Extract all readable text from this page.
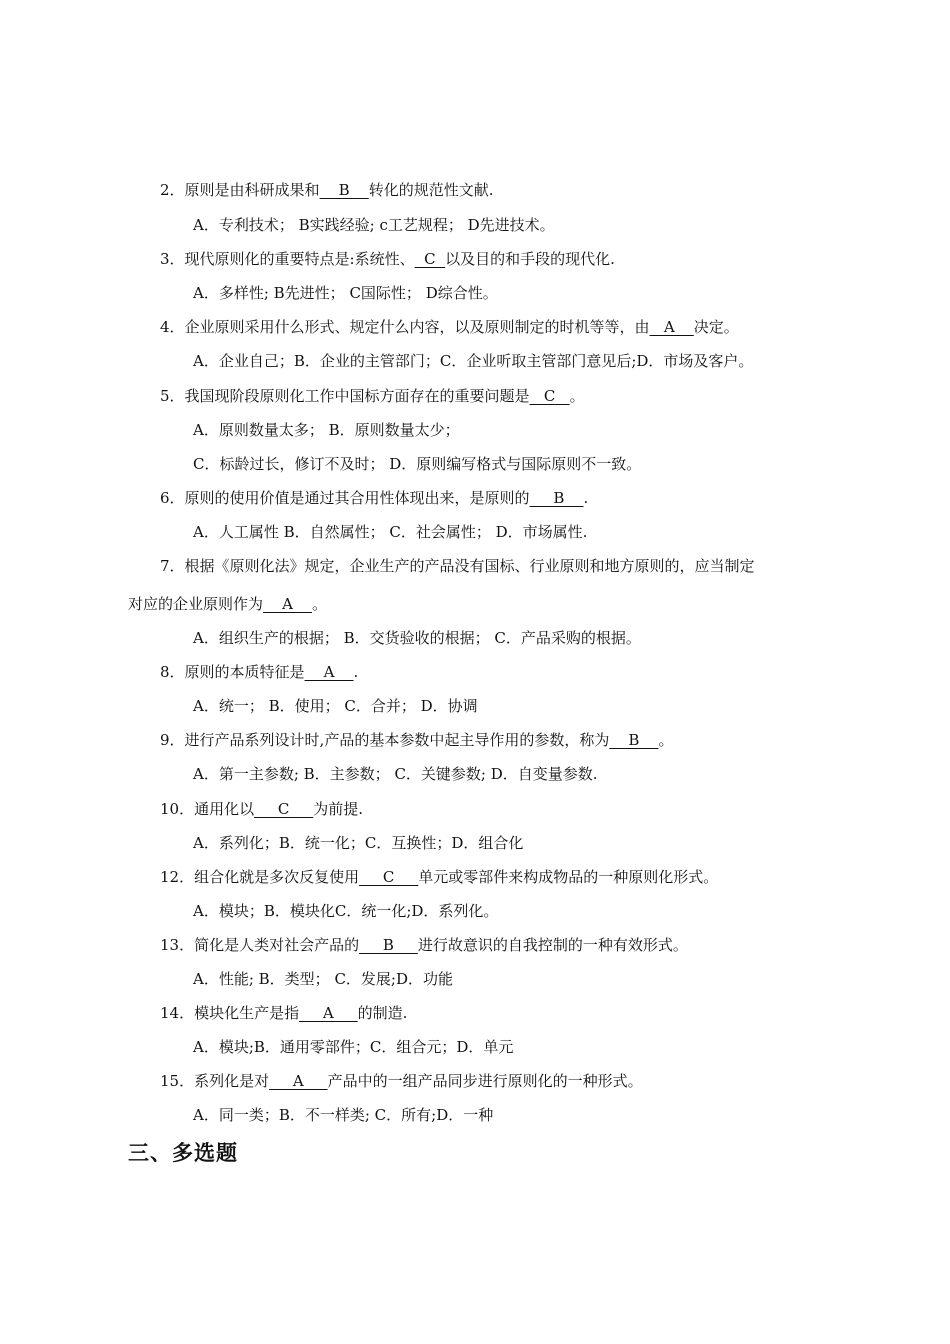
2．原则是由科研成果和    B    转化的规范性文献.
A．专利技术； B实践经验; c工艺规程； D先进技术。
3．现代原则化的重要特点是:系统性、  C  以及目的和手段的现代化.
A．多样性; B先进性； C国际性； D综合性。
4．企业原则采用什么形式、规定什么内容，以及原则制定的时机等等，由   A    决定。
A．企业自己；B．企业的主管部门；C．企业听取主管部门意见后;D．市场及客户。
5．我国现阶段原则化工作中国标方面存在的重要问题是   C   。
A．原则数量太多； B．原则数量太少；
C．标龄过长，修订不及时； D．原则编写格式与国际原则不一致。
6．原则的使用价值是通过其合用性体现出来，是原则的     B    .
A．人工属性 B．自然属性； C．社会属性； D．市场属性.
7．根据《原则化法》规定，企业生产的产品没有国标、行业原则和地方原则的，应当制定
对应的企业原则作为    A    。
A．组织生产的根据； B．交货验收的根据； C．产品采购的根据。
8．原则的本质特征是    A    .
A．统一； B．使用； C．合并； D．协调
9．进行产品系列设计时,产品的基本参数中起主导作用的参数，称为    B    。
A．第一主参数; B．主参数； C．关键参数; D．自变量参数.
10．通用化以     C     为前提.
A．系列化；B．统一化；C．互换性；D．组合化
12．组合化就是多次反复使用     C     单元或零部件来构成物品的一种原则化形式。
A．模块；B．模块化C．统一化;D．系列化。
13．简化是人类对社会产品的     B     进行故意识的自我控制的一种有效形式。
A．性能; B．类型； C．发展;D．功能
14．模块化生产是指     A     的制造.
A．模块;B．通用零部件；C．组合元；D．单元
15．系列化是对     A     产品中的一组产品同步进行原则化的一种形式。
A．同一类；B．不一样类; C．所有;D．一种
三、多选题
